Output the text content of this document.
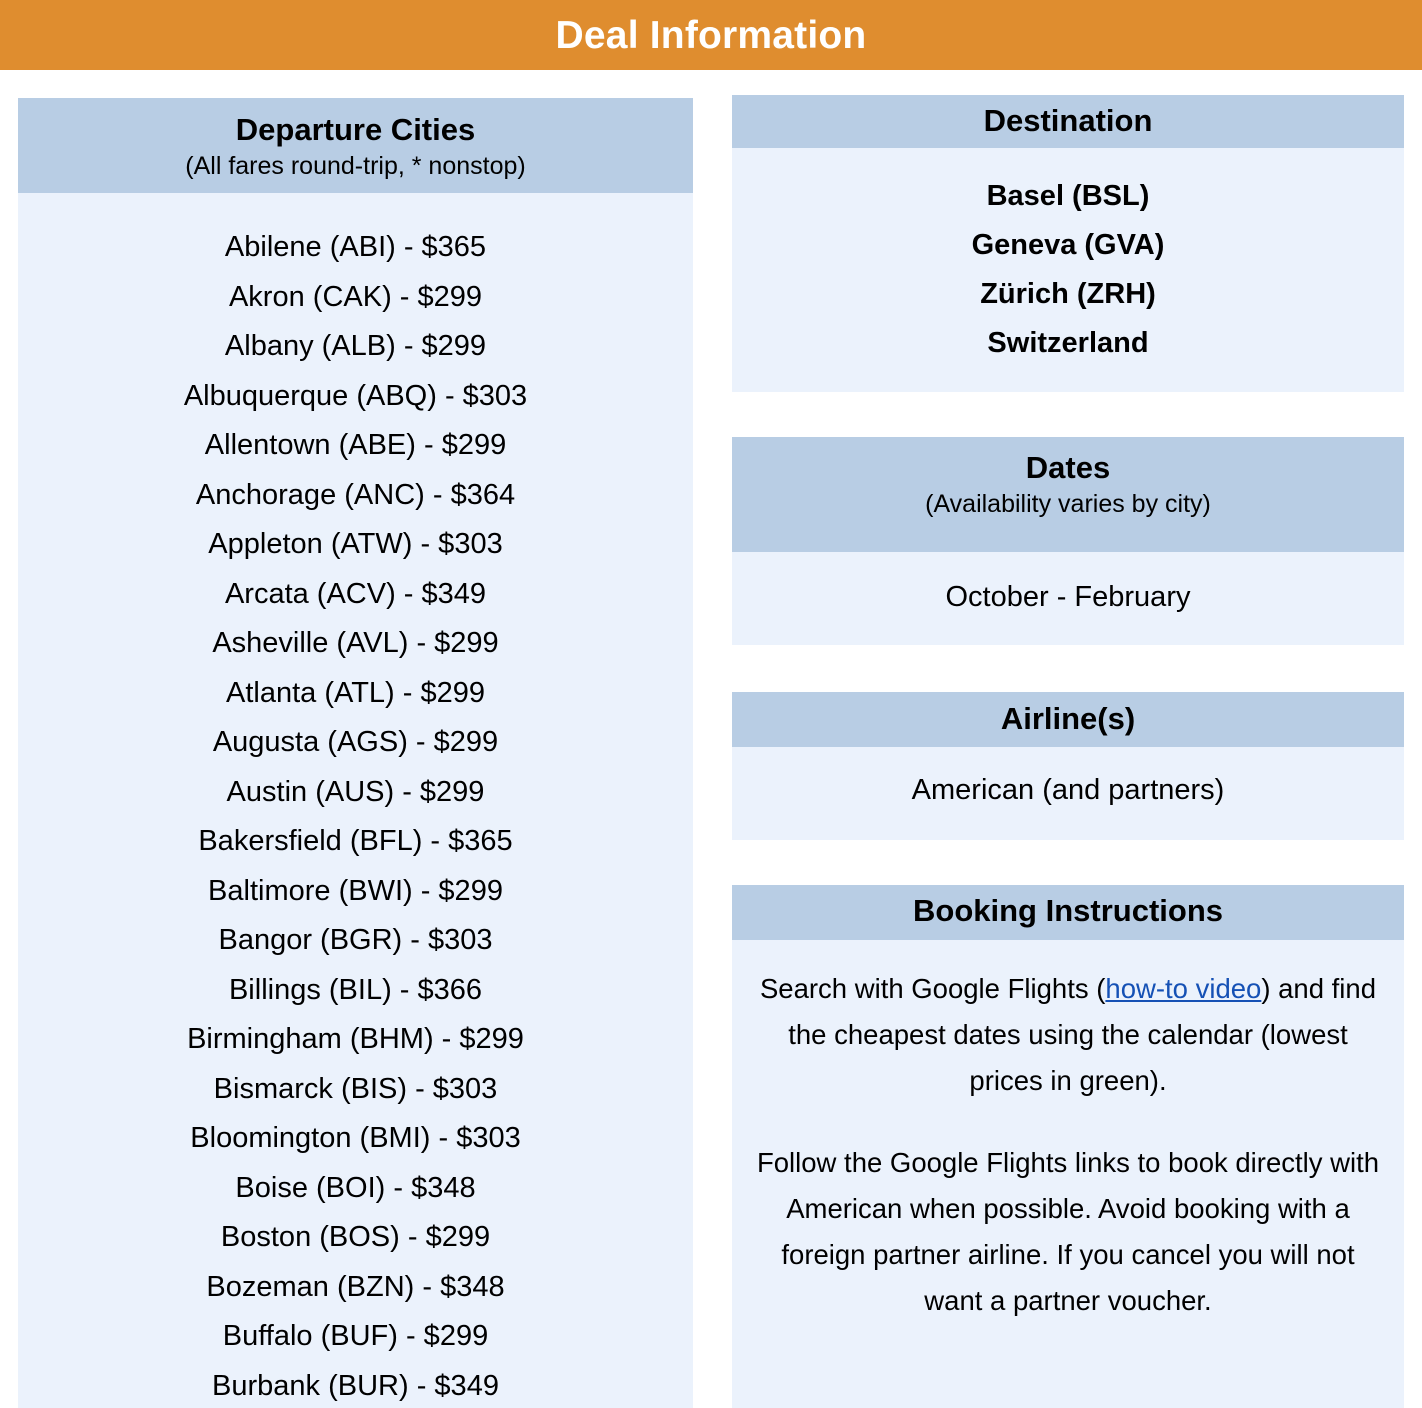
Deal Information
Departure Cities
(All fares round-trip, * nonstop)
Abilene (ABI) - $365
Akron (CAK) - $299
Albany (ALB) - $299
Albuquerque (ABQ) - $303
Allentown (ABE) - $299
Anchorage (ANC) - $364
Appleton (ATW) - $303
Arcata (ACV) - $349
Asheville (AVL) - $299
Atlanta (ATL) - $299
Augusta (AGS) - $299
Austin (AUS) - $299
Bakersfield (BFL) - $365
Baltimore (BWI) - $299
Bangor (BGR) - $303
Billings (BIL) - $366
Birmingham (BHM) - $299
Bismarck (BIS) - $303
Bloomington (BMI) - $303
Boise (BOI) - $348
Boston (BOS) - $299
Bozeman (BZN) - $348
Buffalo (BUF) - $299
Burbank (BUR) - $349
Destination
Basel (BSL)
Geneva (GVA)
Zürich (ZRH)
Switzerland
Dates
(Availability varies by city)
October - February
Airline(s)
American (and partners)
Booking Instructions
Search with Google Flights (how-to video) and find the cheapest dates using the calendar (lowest prices in green).
Follow the Google Flights links to book directly with American when possible. Avoid booking with a foreign partner airline. If you cancel you will not want a partner voucher.
